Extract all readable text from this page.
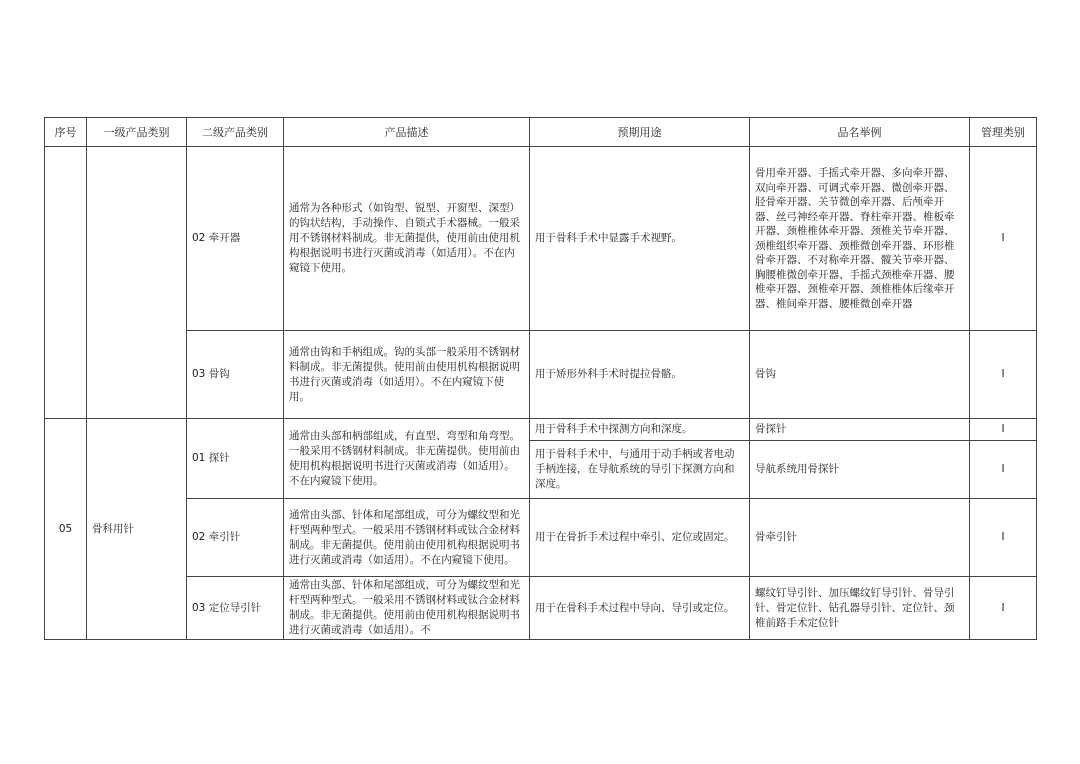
序号	一级产品类别	二级产品类别	产品描述	预期用途	品名举例	管理类别
		02 牵开器	通常为各种形式（如钩型、锐型、开窗型、深型）的钩状结构，手动操作、自锁式手术器械。一般采用不锈钢材料制成。非无菌提供，使用前由使用机构根据说明书进行灭菌或消毒（如适用）。不在内窥镜下使用。	用于骨科手术中显露手术视野。	骨用牵开器、手摇式牵开器、多向牵开器、双向牵开器、可调式牵开器、微创牵开器、胫骨牵开器、关节微创牵开器、后颅牵开器、丝弓神经牵开器、脊柱牵开器、椎板牵开器、颈椎椎体牵开器、颈椎关节牵开器、颈椎组织牵开器、颈椎微创牵开器、环形椎骨牵开器、不对称牵开器、髋关节牵开器、胸腰椎微创牵开器、手摇式颈椎牵开器、腰椎牵开器、颈椎牵开器、颈椎椎体后缘牵开器、椎间牵开器、腰椎微创牵开器	I
		03 骨钩	通常由钩和手柄组成。钩的头部一般采用不锈钢材料制成。非无菌提供。使用前由使用机构根据说明书进行灭菌或消毒（如适用）。不在内窥镜下使用。	用于矫形外科手术时提拉骨骼。	骨钩	I
05	骨科用针	01 探针	通常由头部和柄部组成，有直型、弯型和角弯型。一般采用不锈钢材料制成。非无菌提供。使用前由使用机构根据说明书进行灭菌或消毒（如适用）。不在内窥镜下使用。	用于骨科手术中探测方向和深度。	骨探针	I
				用于骨科手术中，与通用于动手柄或者电动手柄连接，在导航系统的导引下探测方向和深度。	导航系统用骨探针	I
		02 牵引针	通常由头部、针体和尾部组成，可分为螺纹型和光杆型两种型式。一般采用不锈钢材料或钛合金材料制成。非无菌提供。使用前由使用机构根据说明书进行灭菌或消毒（如适用）。不在内窥镜下使用。	用于在骨折手术过程中牵引、定位或固定。	骨牵引针	I
		03 定位导引针	通常由头部、针体和尾部组成，可分为螺纹型和光杆型两种型式。一般采用不锈钢材料或钛合金材料制成。非无菌提供。使用前由使用机构根据说明书进行灭菌或消毒（如适用）。不	用于在骨科手术过程中导向、导引或定位。	螺纹钉导引针、加压螺纹钉导引针、骨导引针、骨定位针、钻孔器导引针、定位针、颈椎前路手术定位针	I
